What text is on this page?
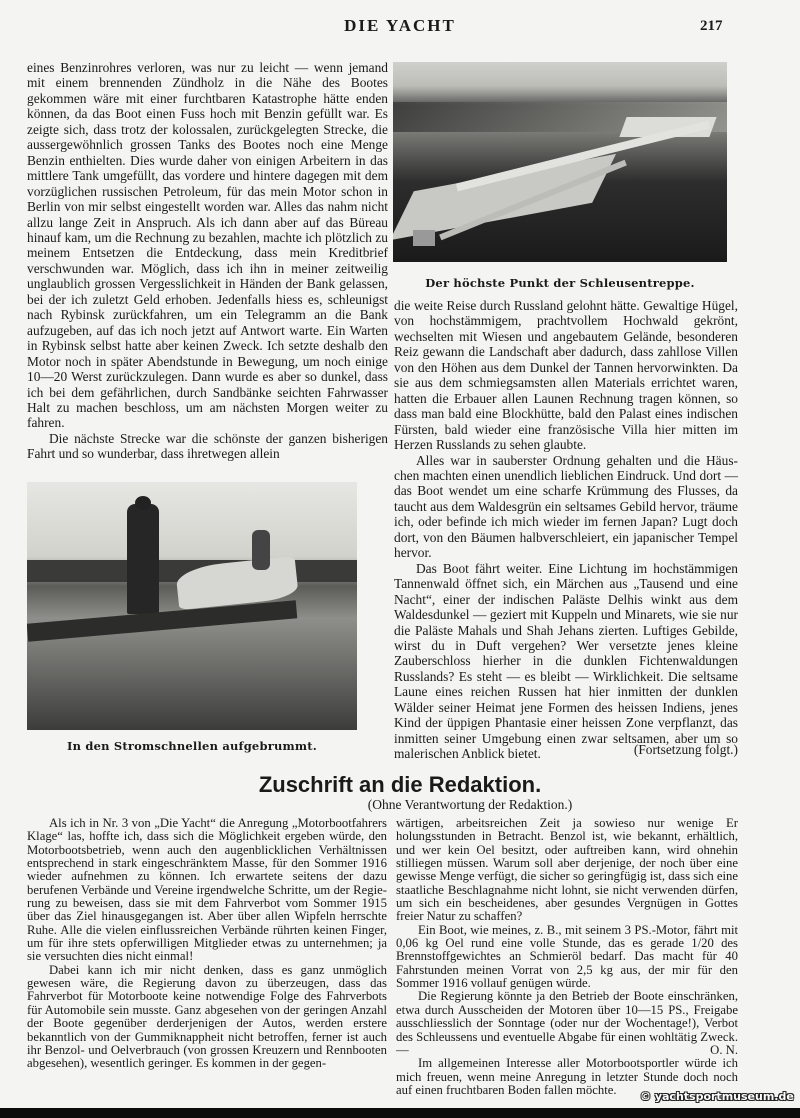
DIE YACHT	217

eines Benzinrohres verloren, was nur zu leicht — wenn jemand mit einem brennenden Zündholz in die Nähe des Bootes gekommen wäre mit einer furchtbaren Katastrophe hätte enden können, da das Boot einen Fuss hoch mit Benzin gefüllt war. Es zeigte sich, dass trotz der kolossalen, zurückgelegten Strecke, die aussergewöhnlich grossen Tanks des Bootes noch eine Menge Benzin enthielten. Dies wurde daher von einigen Arbeitern in das mittlere Tank umgefüllt, das vordere und hintere dagegen mit dem vorzüglichen russischen Petroleum, für das mein Motor schon in Berlin von mir selbst eingestellt worden war. Alles das nahm nicht allzu lange Zeit in Anspruch. Als ich dann aber auf das Büreau hinauf kam, um die Rechnung zu bezahlen, machte ich plötzlich zu meinem Entsetzen die Entdeckung, dass mein Kreditbrief verschwunden war. Möglich, dass ich ihn in meiner zeitweilig unglaublich grossen Vergesslichkeit in Händen der Bank gelassen, bei der ich zuletzt Geld erhoben. Jedenfalls hiess es, schleunigst nach Rybinsk zurückfahren, um ein Telegramm an die Bank aufzugeben, auf das ich noch jetzt auf Antwort warte. Ein Warten in Rybinsk selbst hatte aber keinen Zweck. Ich setzte deshalb den Motor noch in später Abendstunde in Bewegung, um noch einige 10—20 Werst zurückzulegen. Dann wurde es aber so dunkel, dass ich bei dem gefährlichen, durch Sandbänke seichten Fahrwasser Halt zu machen beschloss, um am nächsten Morgen weiter zu fahren.

Die nächste Strecke war die schönste der ganzen bisherigen Fahrt und so wunderbar, dass ihretwegen allein

Der höchste Punkt der Schleusentreppe.

die weite Reise durch Russland gelohnt hätte. Gewaltige Hügel, von hochstämmigem, prachtvollem Hochwald gekrönt, wechselten mit Wiesen und angebautem Gelände, besonderen Reiz gewann die Landschaft aber dadurch, dass zahllose Villen von den Höhen aus dem Dunkel der Tannen hervorwinkten. Da sie aus dem schmiegsamsten allen Materials errichtet waren, hatten die Erbauer allen Launen Rechnung tragen können, so dass man bald eine Blockhütte, bald den Palast eines indischen Fürsten, bald wieder eine französische Villa hier mitten im Herzen Russlands zu sehen glaubte.

Alles war in sauberster Ordnung gehalten und die Häuschen machten einen unendlich lieblichen Eindruck. Und dort — das Boot wendet um eine scharfe Krümmung des Flusses, da taucht aus dem Waldesgrün ein seltsames Gebild hervor, träume ich, oder befinde ich mich wieder im fernen Japan? Lugt doch dort, von den Bäumen halbverschleiert, ein japanischer Tempel hervor.

Das Boot fährt weiter. Eine Lichtung im hochstämmigen Tannenwald öffnet sich, ein Märchen aus „Tausend und eine Nacht“, einer der indischen Paläste Delhis winkt aus dem Waldesdunkel — geziert mit Kuppeln und Minarets, wie sie nur die Paläste Mahals und Shah Jehans zierten. Luftiges Gebilde, wirst du in Duft vergehen? Wer versetzte jenes kleine Zauberschloss hierher in die dunklen Fichtenwaldungen Russlands? Es steht — es bleibt — Wirklichkeit. Die seltsame Laune eines reichen Russen hat hier inmitten der dunklen Wälder seiner Heimat jene Formen des heissen Indiens, jenes Kind der üppigen Phantasie einer heissen Zone verpflanzt, das inmitten seiner Umgebung einen zwar seltsamen, aber um so malerischen Anblick bietet.	(Fortsetzung folgt.)
In den Stromschnellen aufgebrummt.
Zuschrift an die Redaktion.
(Ohne Verantwortung der Redaktion.)

Als ich in Nr. 3 von „Die Yacht“ die Anregung „Motorbootfahrers Klage“ las, hoffte ich, dass sich die Möglichkeit ergeben würde, den Motorbootsbetrieb, wenn auch den augenblicklichen Verhältnissen entsprechend in stark eingeschränktem Masse, für den Sommer 1916 wieder aufnehmen zu können. Ich erwartete seitens der dazu berufenen Verbände und Vereine irgendwelche Schritte, um der Regierung zu beweisen, dass sie mit dem Fahrverbot vom Sommer 1915 über das Ziel hinausgegangen ist. Aber über allen Wipfeln herrschte Ruhe. Alle die vielen einflussreichen Verbände rührten keinen Finger, um für ihre stets opferwilligen Mitglieder etwas zu unternehmen; ja sie versuchten dies nicht einmal!

Dabei kann ich mir nicht denken, dass es ganz unmöglich gewesen wäre, die Regierung davon zu überzeugen, dass das Fahrverbot für Motorboote keine notwendige Folge des Fahrverbots für Automobile sein musste. Ganz abgesehen von der geringen Anzahl der Boote gegenüber derderjenigen der Autos, werden erstere bekanntlich von der Gummiknappheit nicht betroffen, ferner ist auch ihr Benzol- und Oelverbrauch (von grossen Kreuzern und Rennbooten abgesehen), wesentlich geringer. Es kommen in der gegen-

wärtigen, arbeitsreichen Zeit ja sowieso nur wenige Er holungsstunden in Betracht. Benzol ist, wie bekannt, erhältlich, und wer kein Oel besitzt, oder auftreiben kann, wird ohnehin stilliegen müssen. Warum soll aber derjenige, der noch über eine gewisse Menge verfügt, die sicher so geringfügig ist, dass sich eine staatliche Beschlagnahme nicht lohnt, sie nicht verwenden dürfen, um sich ein bescheidenes, aber gesundes Vergnügen in Gottes freier Natur zu schaffen?

Ein Boot, wie meines, z. B., mit seinem 3 PS.-Motor, fährt mit 0,06 kg Oel rund eine volle Stunde, das es gerade 1/20 des Brennstoffgewichtes an Schmieröl bedarf. Das macht für 40 Fahrstunden meinen Vorrat von 2,5 kg aus, der mir für den Sommer 1916 vollauf genügen würde.

Die Regierung könnte ja den Betrieb der Boote einschränken, etwa durch Ausscheiden der Motoren über 10—15 PS., Freigabe ausschliesslich der Sonntage (oder nur der Wochentage!), Verbot des Schleussens und eventuelle Abgabe für einen wohltätig Zweck. —

Im allgemeinen Interesse aller Motorbootsportler würde ich mich freuen, wenn meine Anregung in letzter Stunde doch noch auf einen fruchtbaren Boden fallen möchte.

O. N.
© yachtsportmuseum.de
